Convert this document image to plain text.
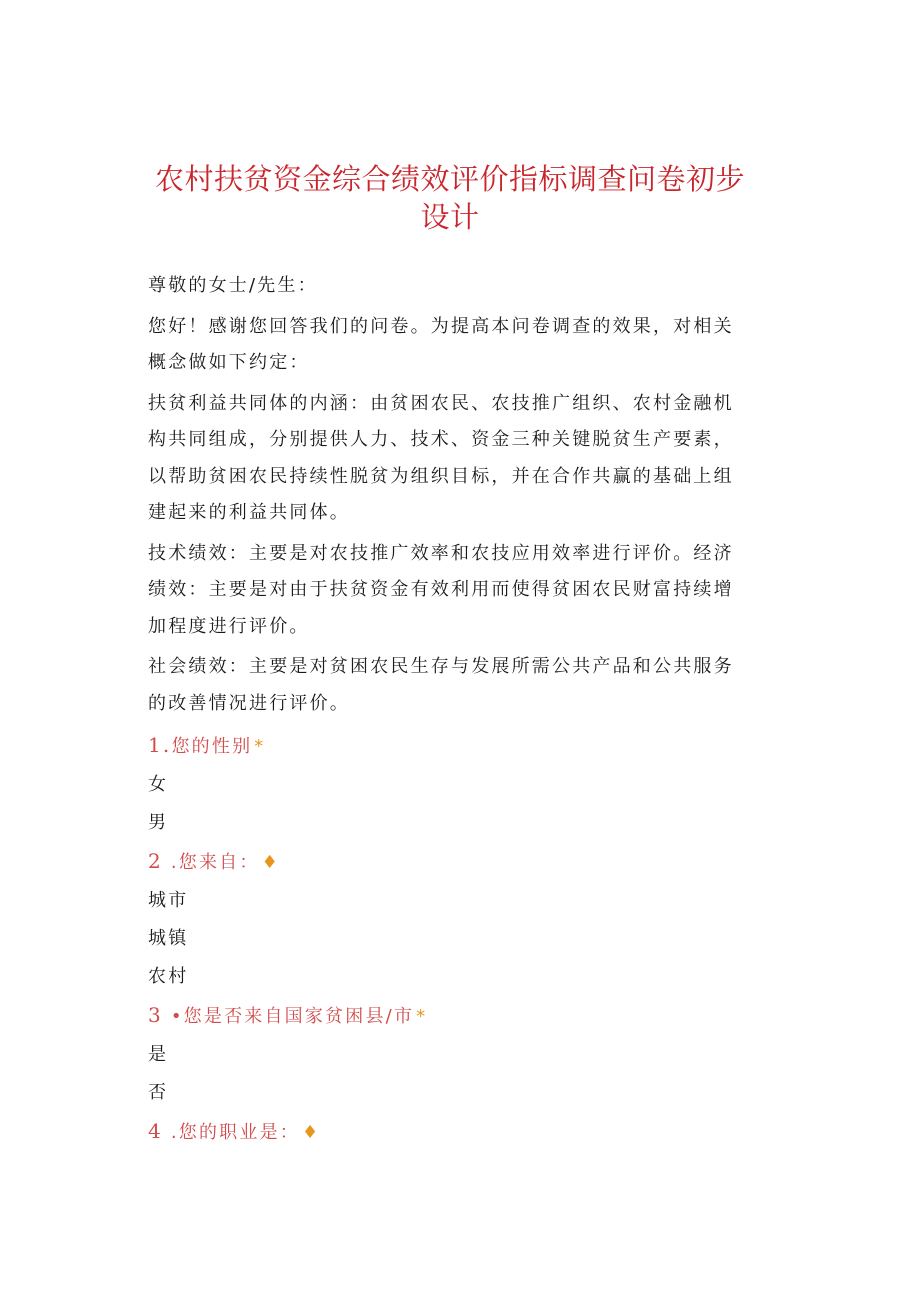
农村扶贫资金综合绩效评价指标调查问卷初步设计

尊敬的女士/先生：

您好！感谢您回答我们的问卷。为提高本问卷调查的效果，对相关概念做如下约定：

扶贫利益共同体的内涵：由贫困农民、农技推广组织、农村金融机构共同组成，分别提供人力、技术、资金三种关键脱贫生产要素，以帮助贫困农民持续性脱贫为组织目标，并在合作共赢的基础上组建起来的利益共同体。

技术绩效：主要是对农技推广效率和农技应用效率进行评价。经济绩效：主要是对由于扶贫资金有效利用而使得贫困农民财富持续增加程度进行评价。

社会绩效：主要是对贫困农民生存与发展所需公共产品和公共服务的改善情况进行评价。

1.您的性别 *

女

男

2 .您来自： ♦

城市

城镇

农村

3 •您是否来自国家贫困县/市 *

是

否

4 .您的职业是： ♦
